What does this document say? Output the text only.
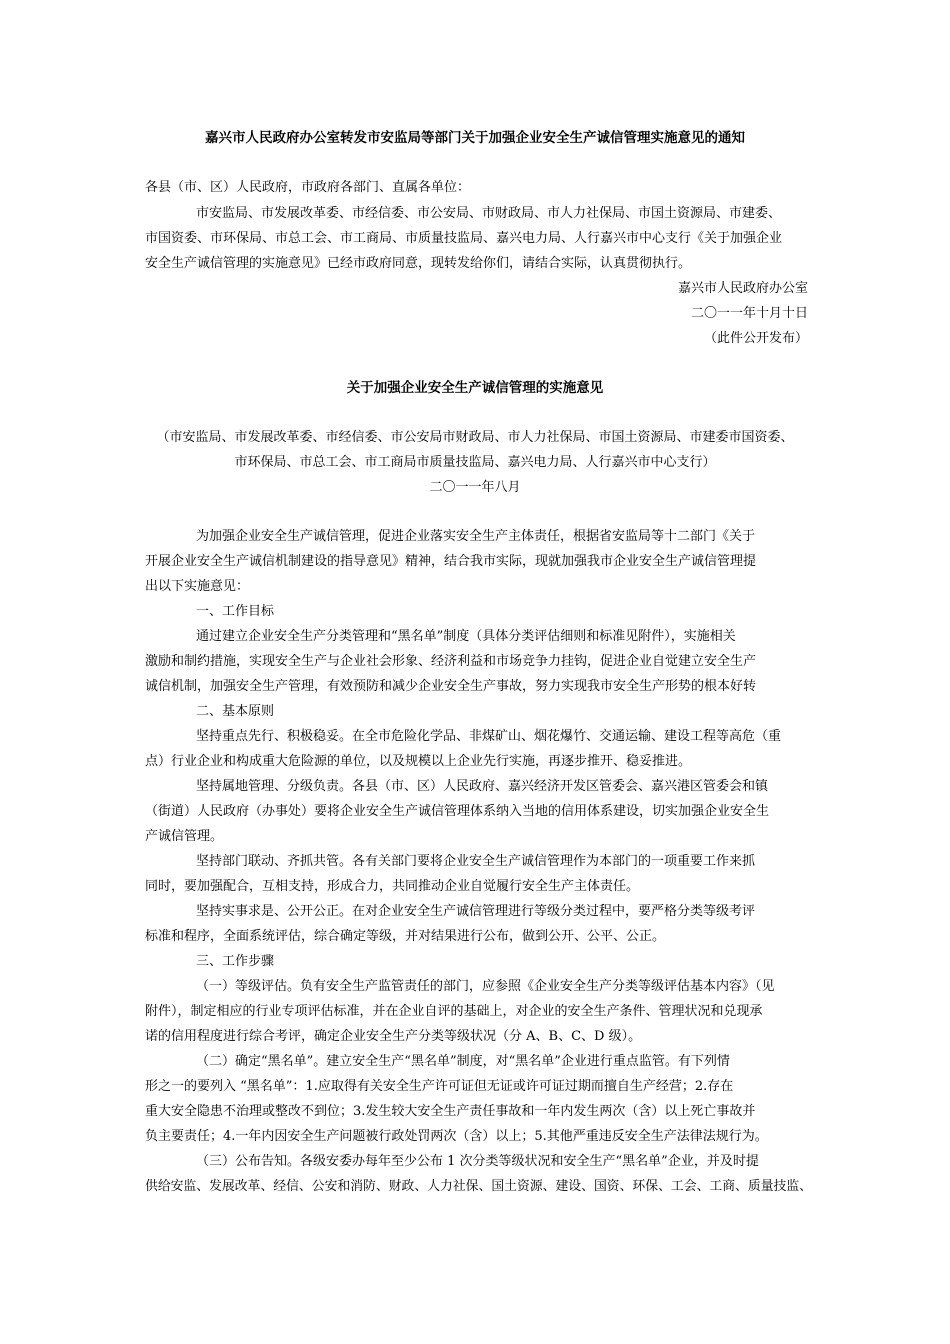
嘉兴市人民政府办公室转发市安监局等部门关于加强企业安全生产诚信管理实施意见的通知
各县（市、区）人民政府，市政府各部门、直属各单位：
市安监局、市发展改革委、市经信委、市公安局、市财政局、市人力社保局、市国土资源局、市建委、
市国资委、市环保局、市总工会、市工商局、市质量技监局、嘉兴电力局、人行嘉兴市中心支行《关于加强企业
安全生产诚信管理的实施意见》已经市政府同意，现转发给你们，请结合实际，认真贯彻执行。
嘉兴市人民政府办公室
二〇一一年十月十日
（此件公开发布）
关于加强企业安全生产诚信管理的实施意见
（市安监局、市发展改革委、市经信委、市公安局市财政局、市人力社保局、市国土资源局、市建委市国资委、
市环保局、市总工会、市工商局市质量技监局、嘉兴电力局、人行嘉兴市中心支行）
二〇一一年八月
为加强企业安全生产诚信管理，促进企业落实安全生产主体责任，根据省安监局等十二部门《关于
开展企业安全生产诚信机制建设的指导意见》精神，结合我市实际，现就加强我市企业安全生产诚信管理提
出以下实施意见：
一、工作目标
通过建立企业安全生产分类管理和“黑名单”制度（具体分类评估细则和标准见附件），实施相关
激励和制约措施，实现安全生产与企业社会形象、经济利益和市场竞争力挂钩，促进企业自觉建立安全生产
诚信机制，加强安全生产管理，有效预防和减少企业安全生产事故，努力实现我市安全生产形势的根本好转
二、基本原则
坚持重点先行、积极稳妥。在全市危险化学品、非煤矿山、烟花爆竹、交通运输、建设工程等高危（重
点）行业企业和构成重大危险源的单位，以及规模以上企业先行实施，再逐步推开、稳妥推进。
坚持属地管理、分级负责。各县（市、区）人民政府、嘉兴经济开发区管委会、嘉兴港区管委会和镇
（街道）人民政府（办事处）要将企业安全生产诚信管理体系纳入当地的信用体系建设，切实加强企业安全生
产诚信管理。
坚持部门联动、齐抓共管。各有关部门要将企业安全生产诚信管理作为本部门的一项重要工作来抓
同时，要加强配合，互相支持，形成合力，共同推动企业自觉履行安全生产主体责任。
坚持实事求是、公开公正。在对企业安全生产诚信管理进行等级分类过程中，要严格分类等级考评
标准和程序，全面系统评估，综合确定等级，并对结果进行公布，做到公开、公平、公正。
三、工作步骤
（一）等级评估。负有安全生产监管责任的部门，应参照《企业安全生产分类等级评估基本内容》（见
附件），制定相应的行业专项评估标准，并在企业自评的基础上，对企业的安全生产条件、管理状况和兑现承
诺的信用程度进行综合考评，确定企业安全生产分类等级状况（分 A、B、C、D 级）。
（二）确定“黑名单”。建立安全生产“黑名单”制度，对“黑名单”企业进行重点监管。有下列情
形之一的要列入 “黑名单”：1.应取得有关安全生产许可证但无证或许可证过期而擅自生产经营；2.存在
重大安全隐患不治理或整改不到位；3.发生较大安全生产责任事故和一年内发生两次（含）以上死亡事故并
负主要责任；4.一年内因安全生产问题被行政处罚两次（含）以上；5.其他严重违反安全生产法律法规行为。
（三）公布告知。各级安委办每年至少公布 1 次分类等级状况和安全生产“黑名单”企业，并及时提
供给安监、发展改革、经信、公安和消防、财政、人力社保、国土资源、建设、国资、环保、工会、工商、质量技监、
